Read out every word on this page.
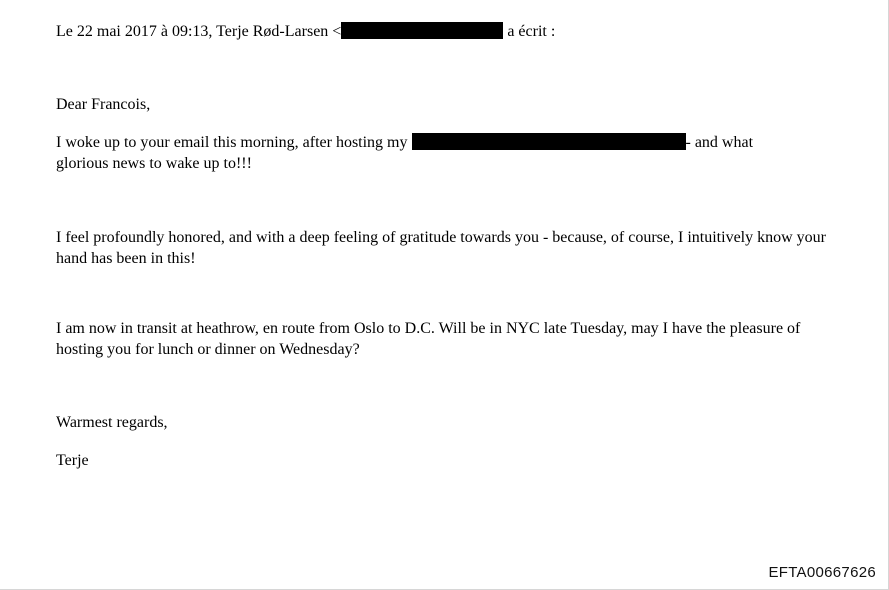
Le 22 mai 2017 à 09:13, Terje Rød-Larsen <	a écrit :
Dear Francois,
I woke up to your email this morning, after hosting my	- and what
glorious news to wake up to!!!
I feel profoundly honored, and with a deep feeling of gratitude towards you - because, of course, I intuitively know your hand has been in this!
I am now in transit at heathrow, en route from Oslo to D.C. Will be in NYC late Tuesday, may I have the pleasure of hosting you for lunch or dinner on Wednesday?
Warmest regards,
Terje
EFTA00667626
